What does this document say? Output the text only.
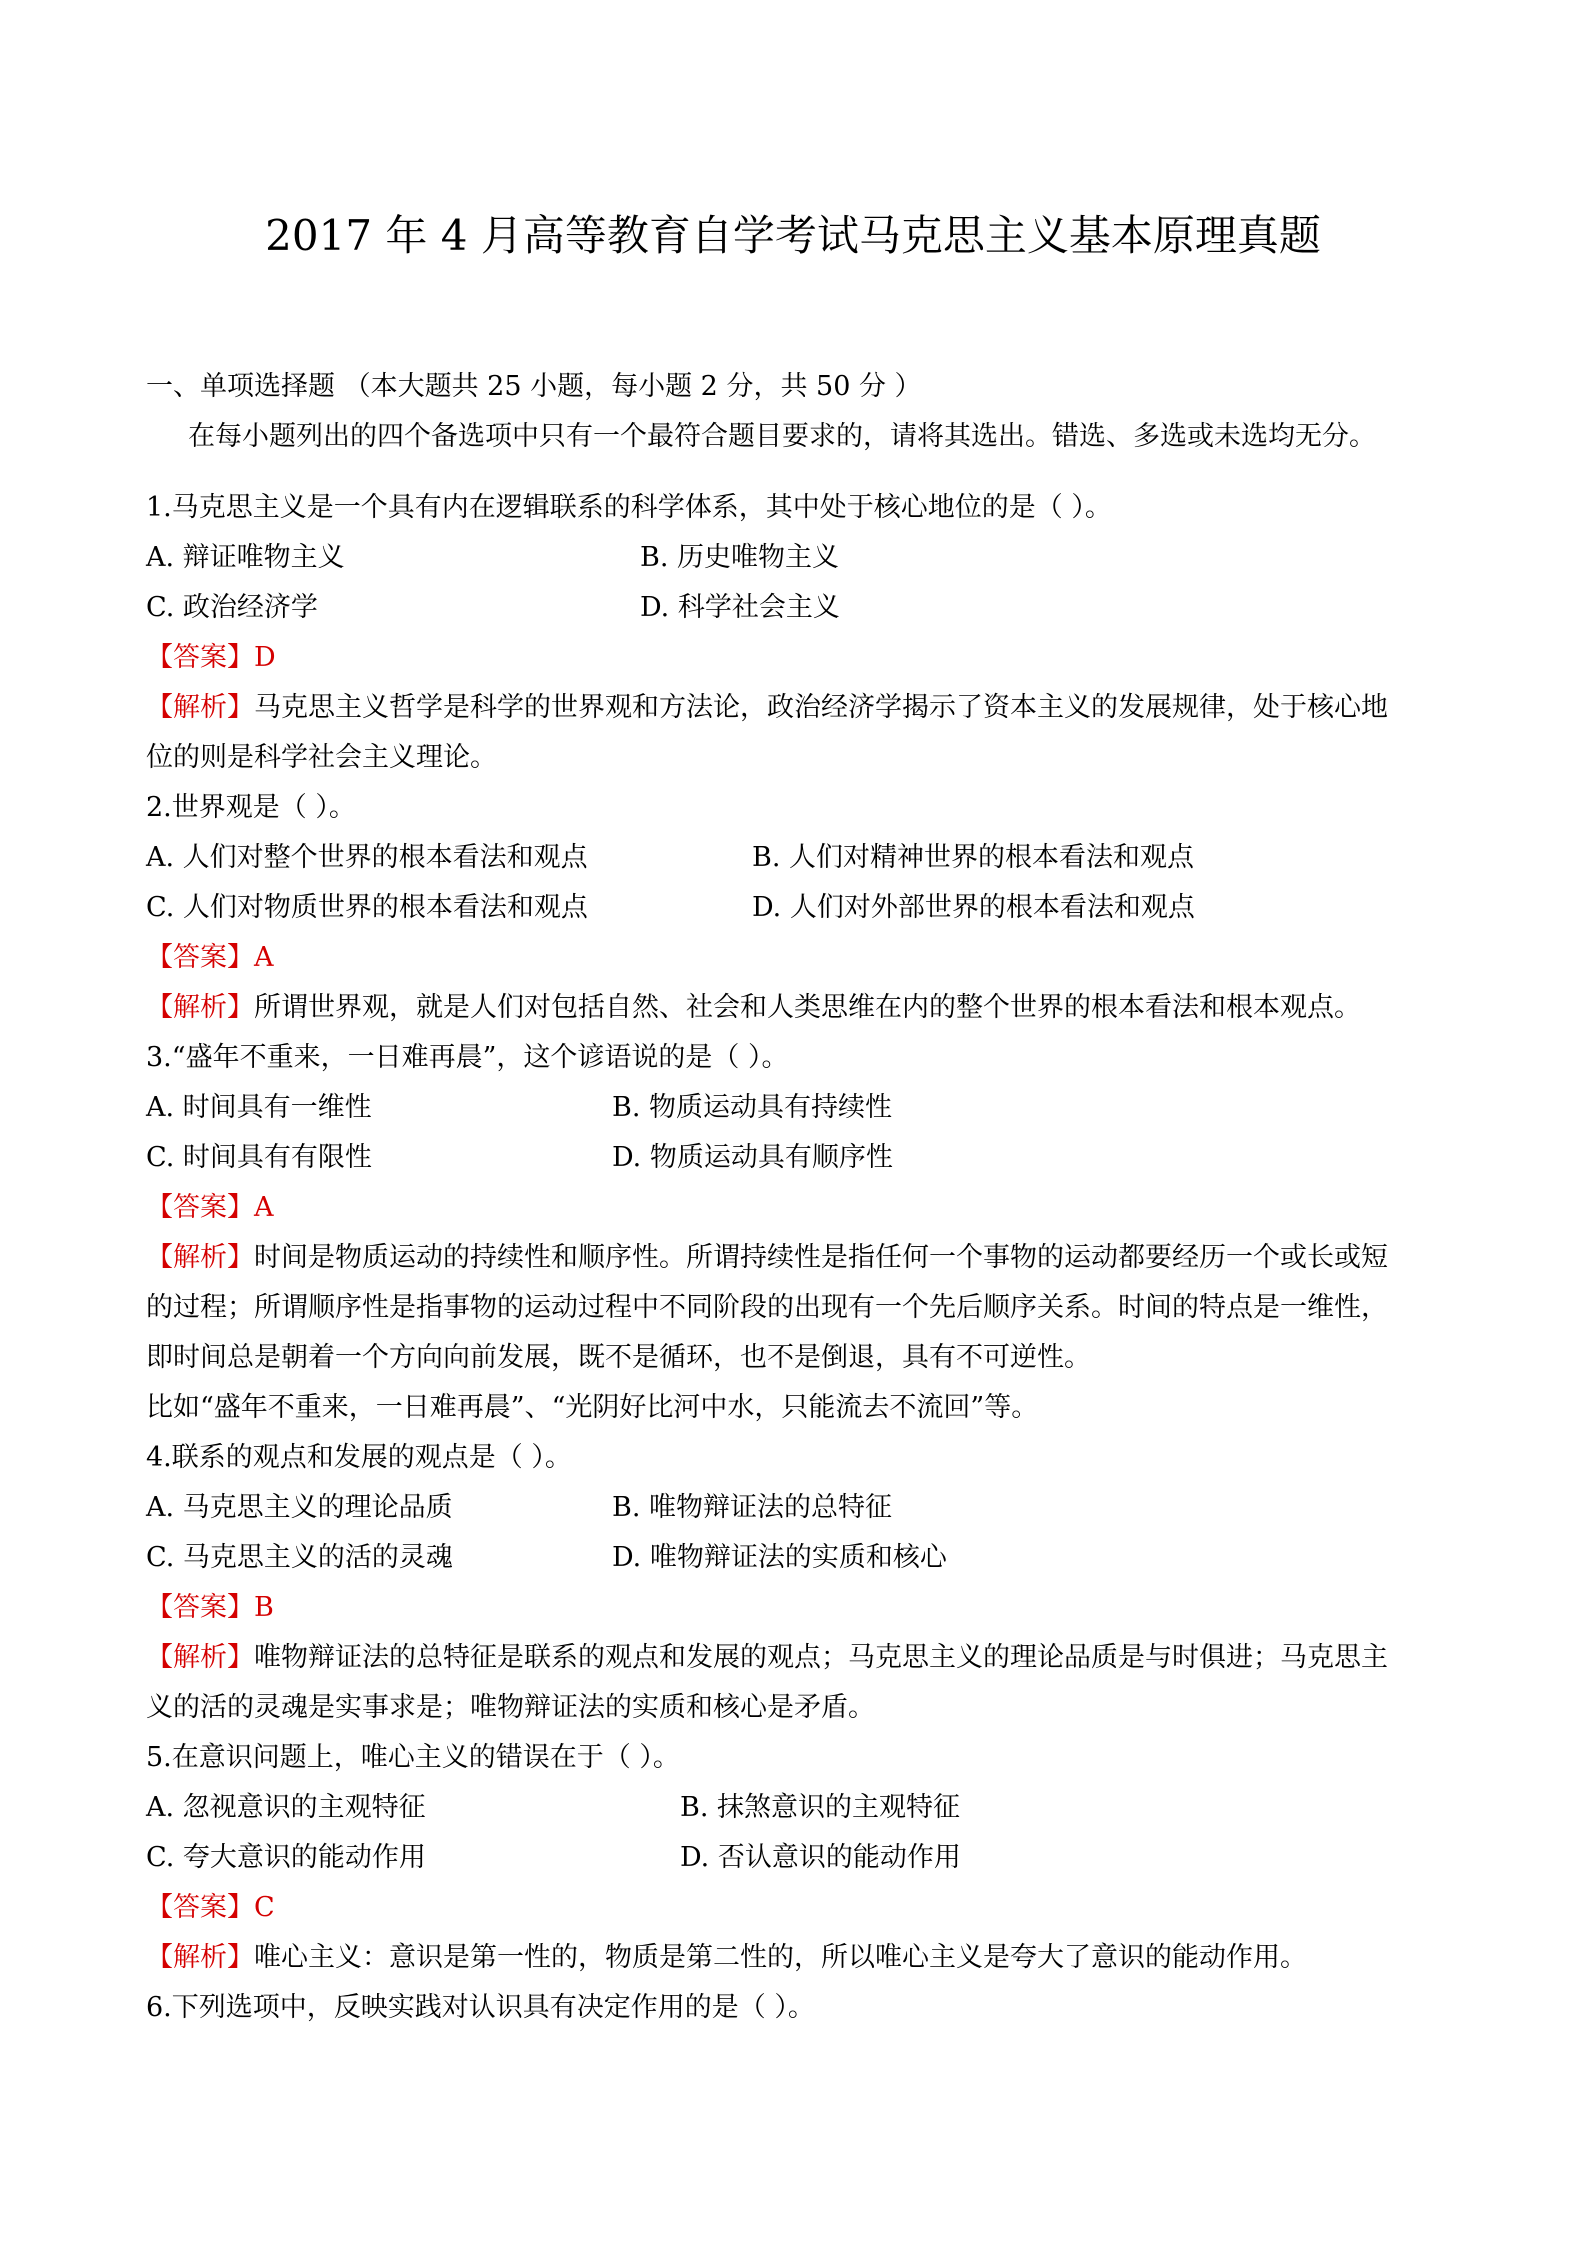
2017 年 4 月高等教育自学考试马克思主义基本原理真题
一、单项选择题 （本大题共 25 小题，每小题 2 分，共 50 分 ）
在每小题列出的四个备选项中只有一个最符合题目要求的，请将其选出。错选、多选或未选均无分。
1.马克思主义是一个具有内在逻辑联系的科学体系，其中处于核心地位的是（ ）。
A. 辩证唯物主义	B. 历史唯物主义
C. 政治经济学	D. 科学社会主义
【答案】D
【解析】马克思主义哲学是科学的世界观和方法论，政治经济学揭示了资本主义的发展规律，处于核心地
位的则是科学社会主义理论。
2.世界观是（ ）。
A. 人们对整个世界的根本看法和观点	B. 人们对精神世界的根本看法和观点
C. 人们对物质世界的根本看法和观点	D. 人们对外部世界的根本看法和观点
【答案】A
【解析】所谓世界观，就是人们对包括自然、社会和人类思维在内的整个世界的根本看法和根本观点。
3.“盛年不重来，一日难再晨”，这个谚语说的是（ ）。
A. 时间具有一维性	B. 物质运动具有持续性
C. 时间具有有限性	D. 物质运动具有顺序性
【答案】A
【解析】时间是物质运动的持续性和顺序性。所谓持续性是指任何一个事物的运动都要经历一个或长或短
的过程；所谓顺序性是指事物的运动过程中不同阶段的出现有一个先后顺序关系。时间的特点是一维性，
即时间总是朝着一个方向向前发展，既不是循环，也不是倒退，具有不可逆性。
比如“盛年不重来，一日难再晨”、“光阴好比河中水，只能流去不流回”等。
4.联系的观点和发展的观点是（ ）。
A. 马克思主义的理论品质	B. 唯物辩证法的总特征
C. 马克思主义的活的灵魂	D. 唯物辩证法的实质和核心
【答案】B
【解析】唯物辩证法的总特征是联系的观点和发展的观点；马克思主义的理论品质是与时俱进；马克思主
义的活的灵魂是实事求是；唯物辩证法的实质和核心是矛盾。
5.在意识问题上，唯心主义的错误在于（ ）。
A. 忽视意识的主观特征	B. 抹煞意识的主观特征
C. 夸大意识的能动作用	D. 否认意识的能动作用
【答案】C
【解析】唯心主义：意识是第一性的，物质是第二性的，所以唯心主义是夸大了意识的能动作用。
6.下列选项中，反映实践对认识具有决定作用的是（ ）。
